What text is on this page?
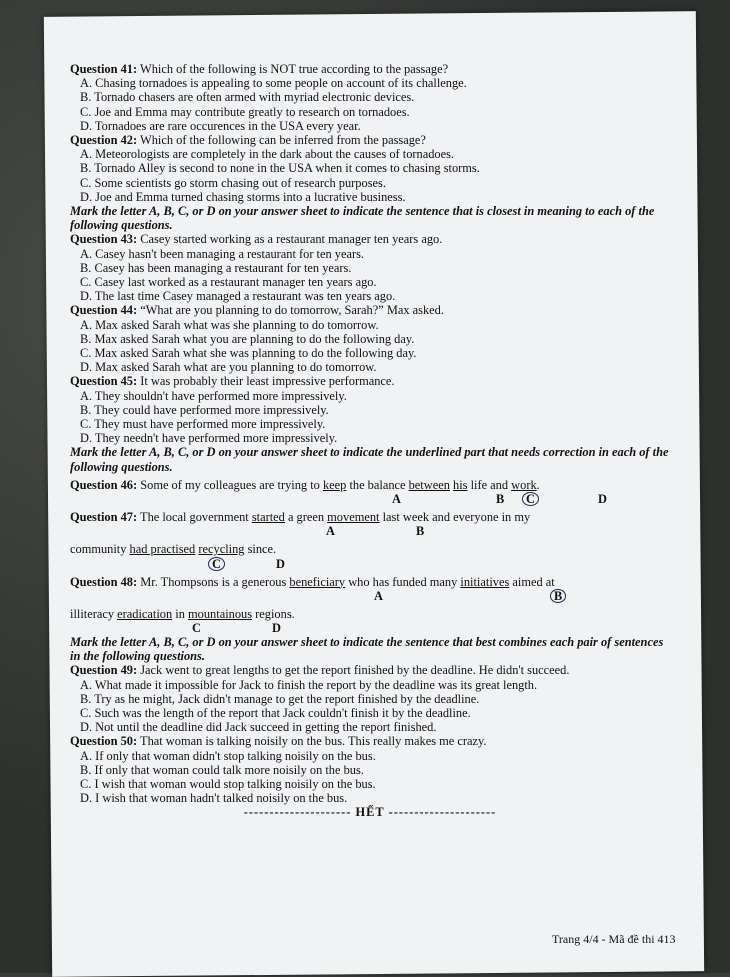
Question 41: Which of the following is NOT true according to the passage?
A. Chasing tornadoes is appealing to some people on account of its challenge.
B. Tornado chasers are often armed with myriad electronic devices.
C. Joe and Emma may contribute greatly to research on tornadoes.
D. Tornadoes are rare occurences in the USA every year.
Question 42: Which of the following can be inferred from the passage?
A. Meteorologists are completely in the dark about the causes of tornadoes.
B. Tornado Alley is second to none in the USA when it comes to chasing storms.
C. Some scientists go storm chasing out of research purposes.
D. Joe and Emma turned chasing storms into a lucrative business.
Mark the letter A, B, C, or D on your answer sheet to indicate the sentence that is closest in meaning to each of the following questions.
Question 43: Casey started working as a restaurant manager ten years ago.
A. Casey hasn't been managing a restaurant for ten years.
B. Casey has been managing a restaurant for ten years.
C. Casey last worked as a restaurant manager ten years ago.
D. The last time Casey managed a restaurant was ten years ago.
Question 44: “What are you planning to do tomorrow, Sarah?” Max asked.
A. Max asked Sarah what was she planning to do tomorrow.
B. Max asked Sarah what you are planning to do the following day.
C. Max asked Sarah what she was planning to do the following day.
D. Max asked Sarah what are you planning to do tomorrow.
Question 45: It was probably their least impressive performance.
A. They shouldn't have performed more impressively.
B. They could have performed more impressively.
C. They must have performed more impressively.
D. They needn't have performed more impressively.
Mark the letter A, B, C, or D on your answer sheet to indicate the underlined part that needs correction in each of the following questions.
Question 46: Some of my colleagues are trying to keep the balance between his life and work.
A	B	C	D
Question 47: The local government started a green movement last week and everyone in my
A	B
community had practised recycling since.
C	D
Question 48: Mr. Thompsons is a generous beneficiary who has funded many initiatives aimed at
A	B
illiteracy eradication in mountainous regions.
C	D
Mark the letter A, B, C, or D on your answer sheet to indicate the sentence that best combines each pair of sentences in the following questions.
Question 49: Jack went to great lengths to get the report finished by the deadline. He didn't succeed.
A. What made it impossible for Jack to finish the report by the deadline was its great length.
B. Try as he might, Jack didn't manage to get the report finished by the deadline.
C. Such was the length of the report that Jack couldn't finish it by the deadline.
D. Not until the deadline did Jack succeed in getting the report finished.
Question 50: That woman is talking noisily on the bus. This really makes me crazy.
A. If only that woman didn't stop talking noisily on the bus.
B. If only that woman could talk more noisily on the bus.
C. I wish that woman would stop talking noisily on the bus.
D. I wish that woman hadn't talked noisily on the bus.
--------------------- HẾT ---------------------
Trang 4/4 - Mã đề thi 413
